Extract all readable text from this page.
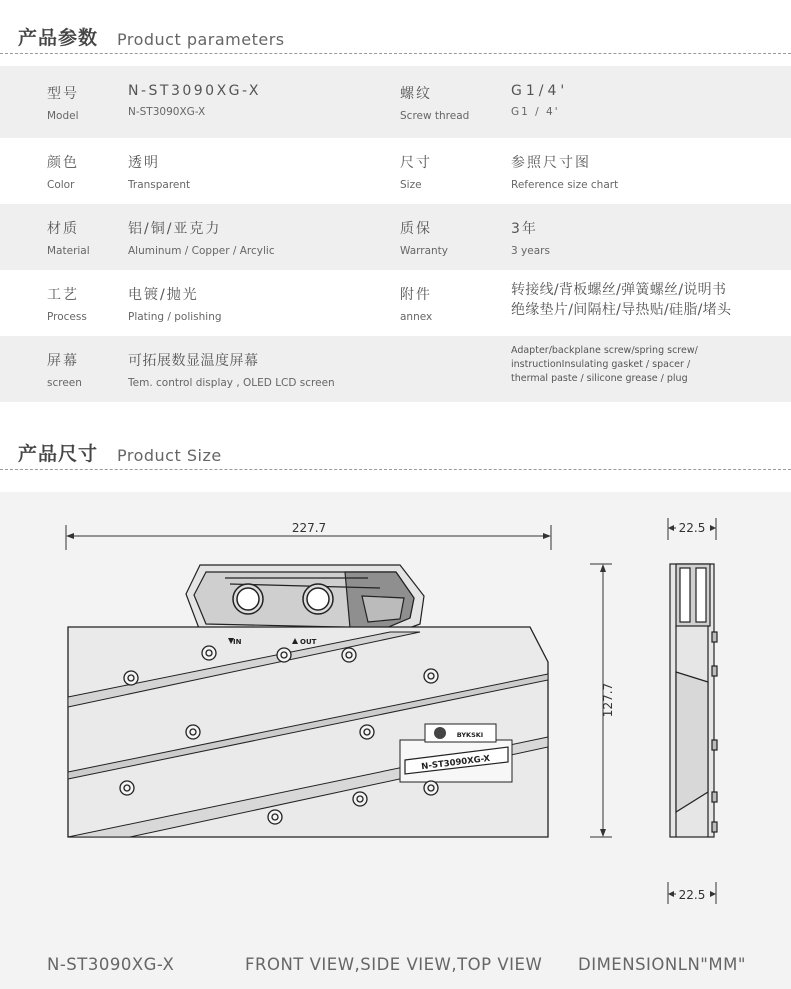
产品参数 Product parameters
型号
Model
N-ST3090XG-X
N-ST3090XG-X
螺纹
Screw thread
G1/4'
G1 / 4'
颜色
Color
透明
Transparent
尺寸
Size
参照尺寸图
Reference size chart
材质
Material
铝/铜/亚克力
Aluminum / Copper / Arcylic
质保
Warranty
3年
3 years
工艺
Process
电镀/抛光
Plating / polishing
附件
annex
转接线/背板螺丝/弹簧螺丝/说明书
绝缘垫片/间隔柱/导热贴/硅脂/堵头
屏幕
screen
可拓展数显温度屏幕
Tem. control display , OLED LCD screen
Adapter/backplane screw/spring screw/
instructionInsulating gasket / spacer /
thermal paste / silicone grease / plug
产品尺寸 Product Size
227.7
127.7
22.5
22.5
N-ST3090XG-X
BYKSKI
IN	OUT
N-ST3090XG-X	FRONT VIEW,SIDE VIEW,TOP VIEW DIMENSIONLN"MM"
